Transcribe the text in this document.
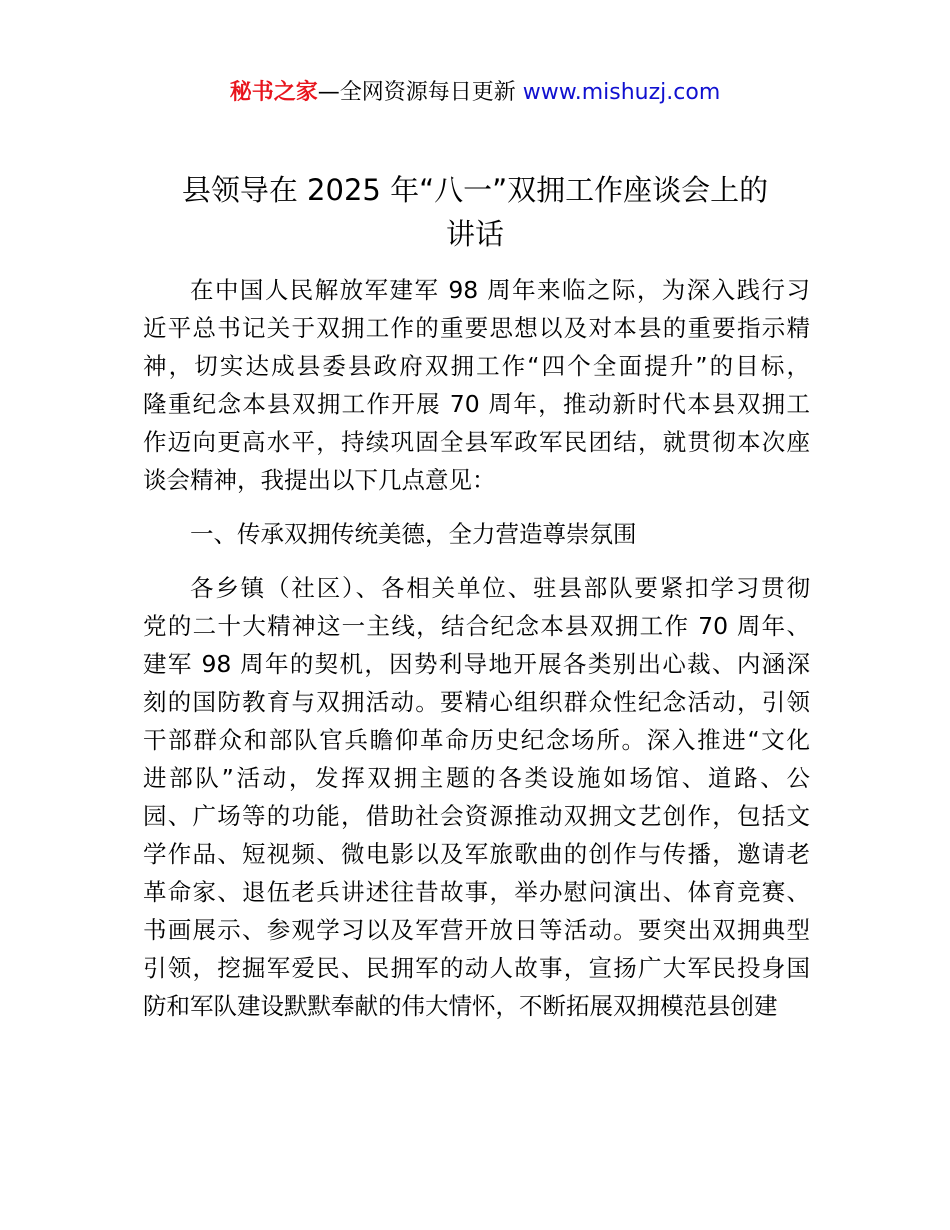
秘书之家—全网资源每日更新 www.mishuzj.com
县领导在 2025 年“八一”双拥工作座谈会上的
讲话
在中国人民解放军建军 98 周年来临之际，为深入践行习
近平总书记关于双拥工作的重要思想以及对本县的重要指示精
神，切实达成县委县政府双拥工作“四个全面提升”的目标，
隆重纪念本县双拥工作开展 70 周年，推动新时代本县双拥工
作迈向更高水平，持续巩固全县军政军民团结，就贯彻本次座
谈会精神，我提出以下几点意见：
一、传承双拥传统美德，全力营造尊崇氛围
各乡镇（社区）、各相关单位、驻县部队要紧扣学习贯彻
党的二十大精神这一主线，结合纪念本县双拥工作 70 周年、
建军 98 周年的契机，因势利导地开展各类别出心裁、内涵深
刻的国防教育与双拥活动。要精心组织群众性纪念活动，引领
干部群众和部队官兵瞻仰革命历史纪念场所。深入推进“文化
进部队”活动，发挥双拥主题的各类设施如场馆、道路、公
园、广场等的功能，借助社会资源推动双拥文艺创作，包括文
学作品、短视频、微电影以及军旅歌曲的创作与传播，邀请老
革命家、退伍老兵讲述往昔故事，举办慰问演出、体育竞赛、
书画展示、参观学习以及军营开放日等活动。要突出双拥典型
引领，挖掘军爱民、民拥军的动人故事，宣扬广大军民投身国
防和军队建设默默奉献的伟大情怀，不断拓展双拥模范县创建
